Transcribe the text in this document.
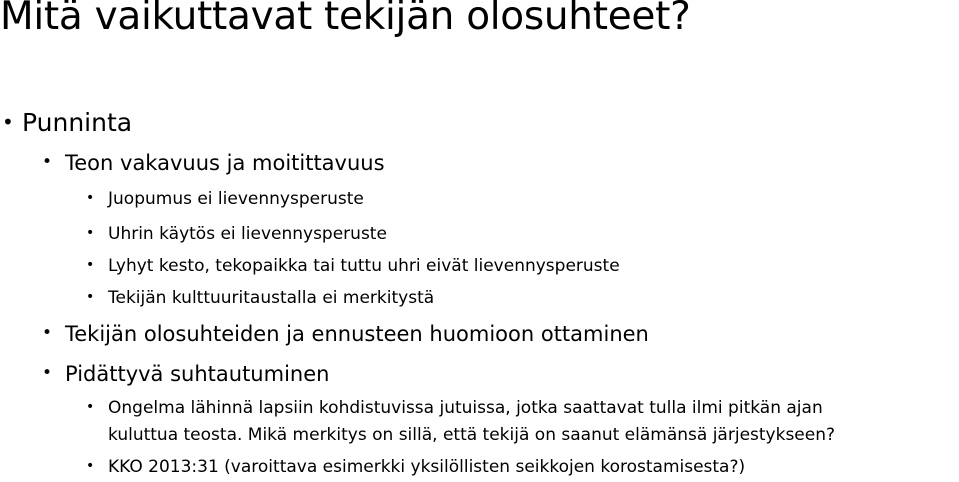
Mitä vaikuttavat tekijän olosuhteet?
• Punninta
• Teon vakavuus ja moitittavuus
• Juopumus ei lievennysperuste
• Uhrin käytös ei lievennysperuste
• Lyhyt kesto, tekopaikka tai tuttu uhri eivät lievennysperuste
• Tekijän kulttuuritaustalla ei merkitystä
• Tekijän olosuhteiden ja ennusteen huomioon ottaminen
• Pidättyvä suhtautuminen
• Ongelma lähinnä lapsiin kohdistuvissa jutuissa, jotka saattavat tulla ilmi pitkän ajan
kuluttua teosta. Mikä merkitys on sillä, että tekijä on saanut elämänsä järjestykseen?
• KKO 2013:31 (varoittava esimerkki yksilöllisten seikkojen korostamisesta?)
